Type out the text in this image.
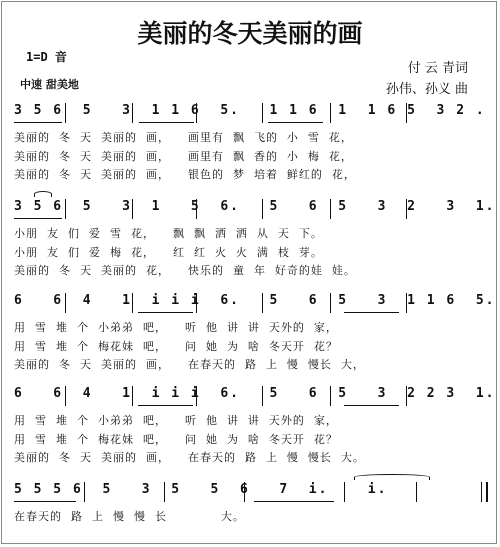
美丽的冬天美丽的画
1=D 音
中速 甜美地
付 云 青词
孙伟、孙义 曲
3 5 6  5   3  1 1 6  5.   1 1 6  1  1 6 5  3 2 .
美丽的  冬  天  美丽的  画，    画里有  飘  飞的  小  雪  花，
美丽的  冬  天  美丽的  画，    画里有  飘  香的  小  梅  花，
美丽的  冬  天  美丽的  画，    银色的  梦  培着  鲜红的  花，
3 5 6  5   3  1   5  6.   5   6  5   3  2   3  1.
小朋  友  们  爱  雪  花，    飘  飘  洒  洒  从  天  下。
小朋  友  们  爱  梅  花，    红  红  火  火  满  枝  芽。
美丽的  冬  天  美丽的  花，    快乐的  童  年  好奇的娃  娃。
6   6  4   1  i i i  6.   5   6  5   3  1 1 6  5.
用  雪  堆  个  小弟弟  吧，    听  他  讲  讲  天外的  家，
用  雪  堆  个  梅花妹  吧，    问  她  为  啥  冬天开  花？
美丽的  冬  天  美丽的  画，    在春天的  路  上  慢  慢长  大，
6   6  4   1  i i i  6.   5   6  5   3  2 2 3  1.
用  雪  堆  个  小弟弟  吧，    听  他  讲  讲  天外的  家，
用  雪  堆  个  梅花妹  吧，    问  她  为  啥  冬天开  花？
美丽的  冬  天  美丽的  画，    在春天的  路  上  慢  慢长  大。
5 5 5 6  5   3  5   5  6   7  i.    i.
在春天的  路  上  慢  慢  长            大。
